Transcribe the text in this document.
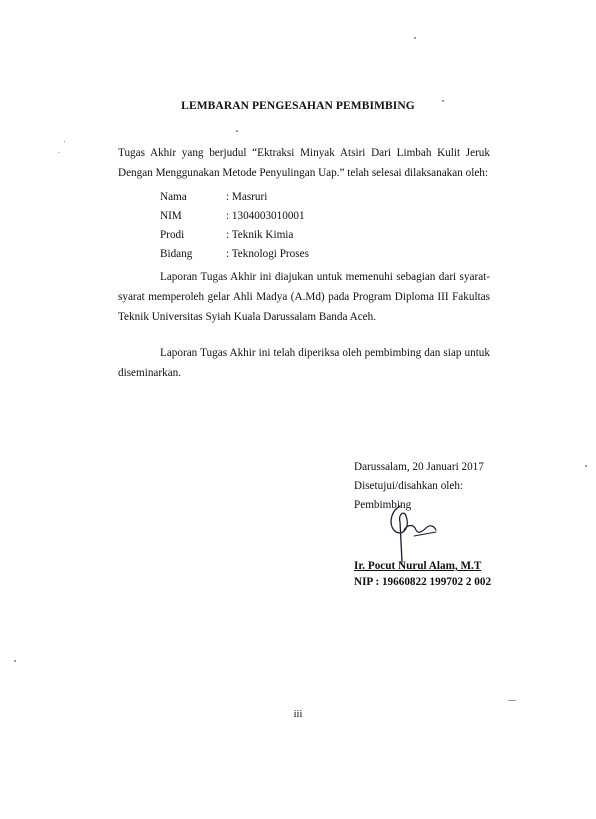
LEMBARAN PENGESAHAN PEMBIMBING
Tugas Akhir yang berjudul “Ektraksi Minyak Atsiri Dari Limbah Kulit Jeruk
Dengan Menggunakan Metode Penyulingan Uap.” telah selesai dilaksanakan oleh:
Nama	: Masruri
NIM	: 1304003010001
Prodi	: Teknik Kimia
Bidang	: Teknologi Proses
Laporan Tugas Akhir ini diajukan untuk memenuhi sebagian dari syarat-
syarat memperoleh gelar Ahli Madya (A.Md) pada Program Diploma III Fakultas
Teknik Universitas Syiah Kuala Darussalam Banda Aceh.
Laporan Tugas Akhir ini telah diperiksa oleh pembimbing dan siap untuk
diseminarkan.
Darussalam, 20 Januari 2017
Disetujui/disahkan oleh:
Pembimbing
Ir. Pocut Nurul Alam, M.T
NIP : 19660822 199702 2 002
iii
